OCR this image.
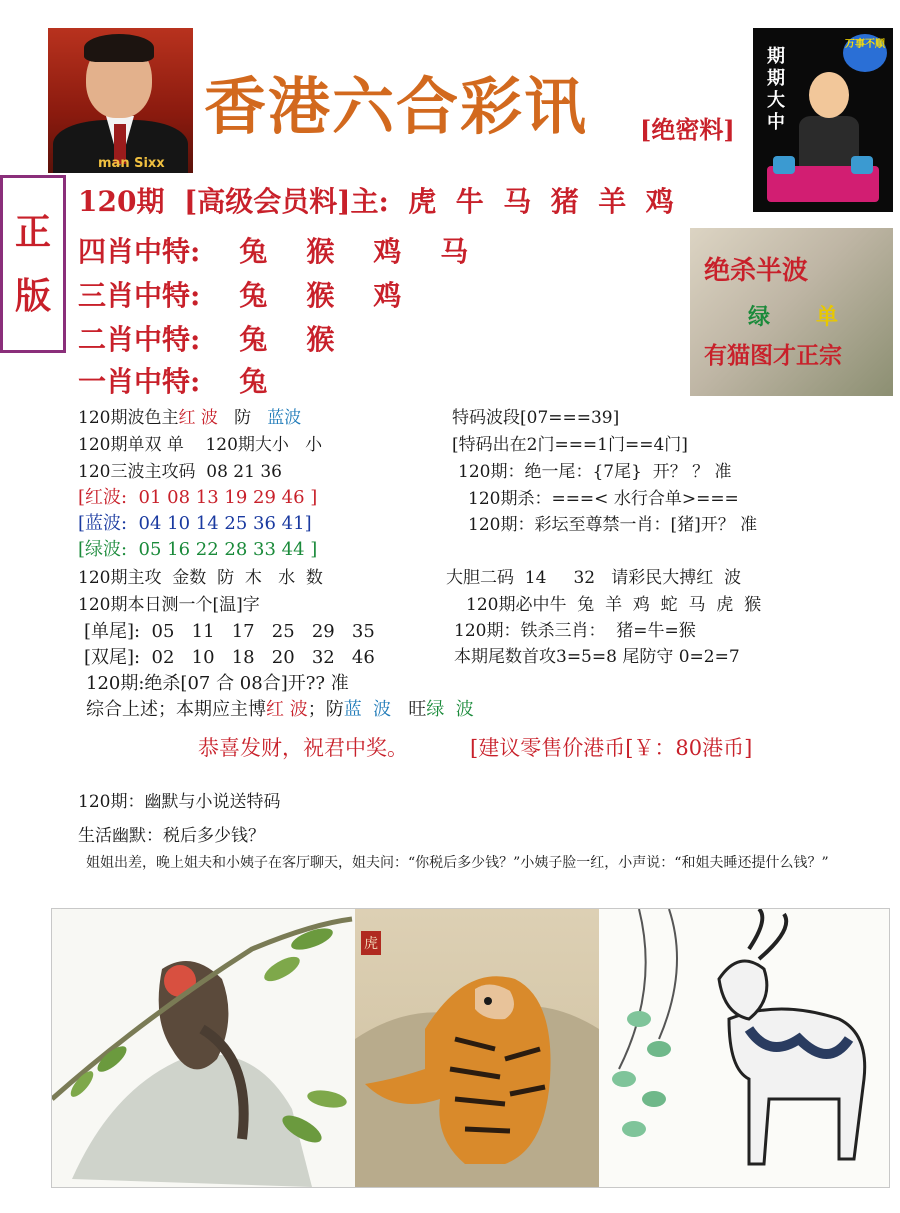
man Sixx
香港六合彩讯 [绝密料]
期期大中
万事不顺
正
版
120期  [高级会员料]主:  虎  牛  马  猪  羊  鸡
四肖中特:    兔    猴    鸡    马
三肖中特:    兔    猴    鸡
二肖中特:    兔    猴
一肖中特:    兔
绝杀半波
绿 单
有猫图才正宗
120期波色主红 波   防   蓝波
120期单双 单    120期大小   小
120三波主攻码  08 21 36
[红波:  01 08 13 19 29 46 ]
[蓝波:  04 10 14 25 36 41]
[绿波:  05 16 22 28 33 44 ]
120期主攻  金数  防  木   水  数
120期本日测一个[温]字
[单尾]:  05   11   17   25   29   35
[双尾]:  02   10   18   20   32   46
120期:绝杀[07 合 08合]开?? 准
综合上述；本期应主博红 波；防蓝  波   旺绿  波
特码波段[07===39]
[特码出在2门===1门==4门]
120期：绝一尾：{7尾}  开？ ？ 准
120期杀：===< 水行合单>===
120期：彩坛至尊禁一肖：[猪]开？ 准
大胆二码  14     32   请彩民大搏红  波
120期必中牛  兔  羊  鸡  蛇  马  虎  猴
120期：铁杀三肖：  猪=牛=猴
本期尾数首攻3=5=8 尾防守 0=2=7
恭喜发财，祝君中奖。	[建议零售价港币[￥：80港币]
120期：幽默与小说送特码
生活幽默：税后多少钱？
姐姐出差，晚上姐夫和小姨子在客厅聊天，姐夫问：“你税后多少钱？”小姨子脸一红，小声说：“和姐夫睡还提什么钱？”
虎
